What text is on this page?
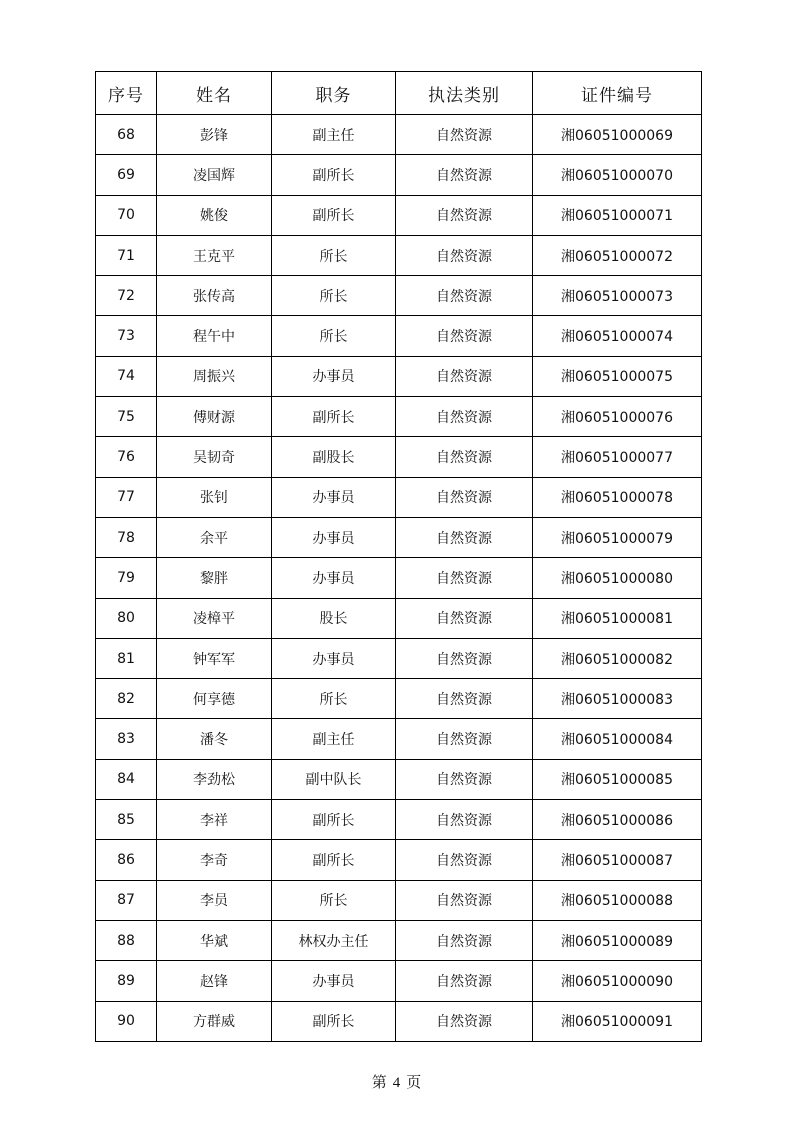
序号	姓名	职务	执法类别	证件编号
68	彭锋	副主任	自然资源	湘06051000069
69	凌国辉	副所长	自然资源	湘06051000070
70	姚俊	副所长	自然资源	湘06051000071
71	王克平	所长	自然资源	湘06051000072
72	张传高	所长	自然资源	湘06051000073
73	程午中	所长	自然资源	湘06051000074
74	周振兴	办事员	自然资源	湘06051000075
75	傅财源	副所长	自然资源	湘06051000076
76	吴韧奇	副股长	自然资源	湘06051000077
77	张钊	办事员	自然资源	湘06051000078
78	余平	办事员	自然资源	湘06051000079
79	黎胖	办事员	自然资源	湘06051000080
80	凌樟平	股长	自然资源	湘06051000081
81	钟军军	办事员	自然资源	湘06051000082
82	何享德	所长	自然资源	湘06051000083
83	潘冬	副主任	自然资源	湘06051000084
84	李劲松	副中队长	自然资源	湘06051000085
85	李祥	副所长	自然资源	湘06051000086
86	李奇	副所长	自然资源	湘06051000087
87	李员	所长	自然资源	湘06051000088
88	华斌	林权办主任	自然资源	湘06051000089
89	赵锋	办事员	自然资源	湘06051000090
90	方群威	副所长	自然资源	湘06051000091
第 4 页
